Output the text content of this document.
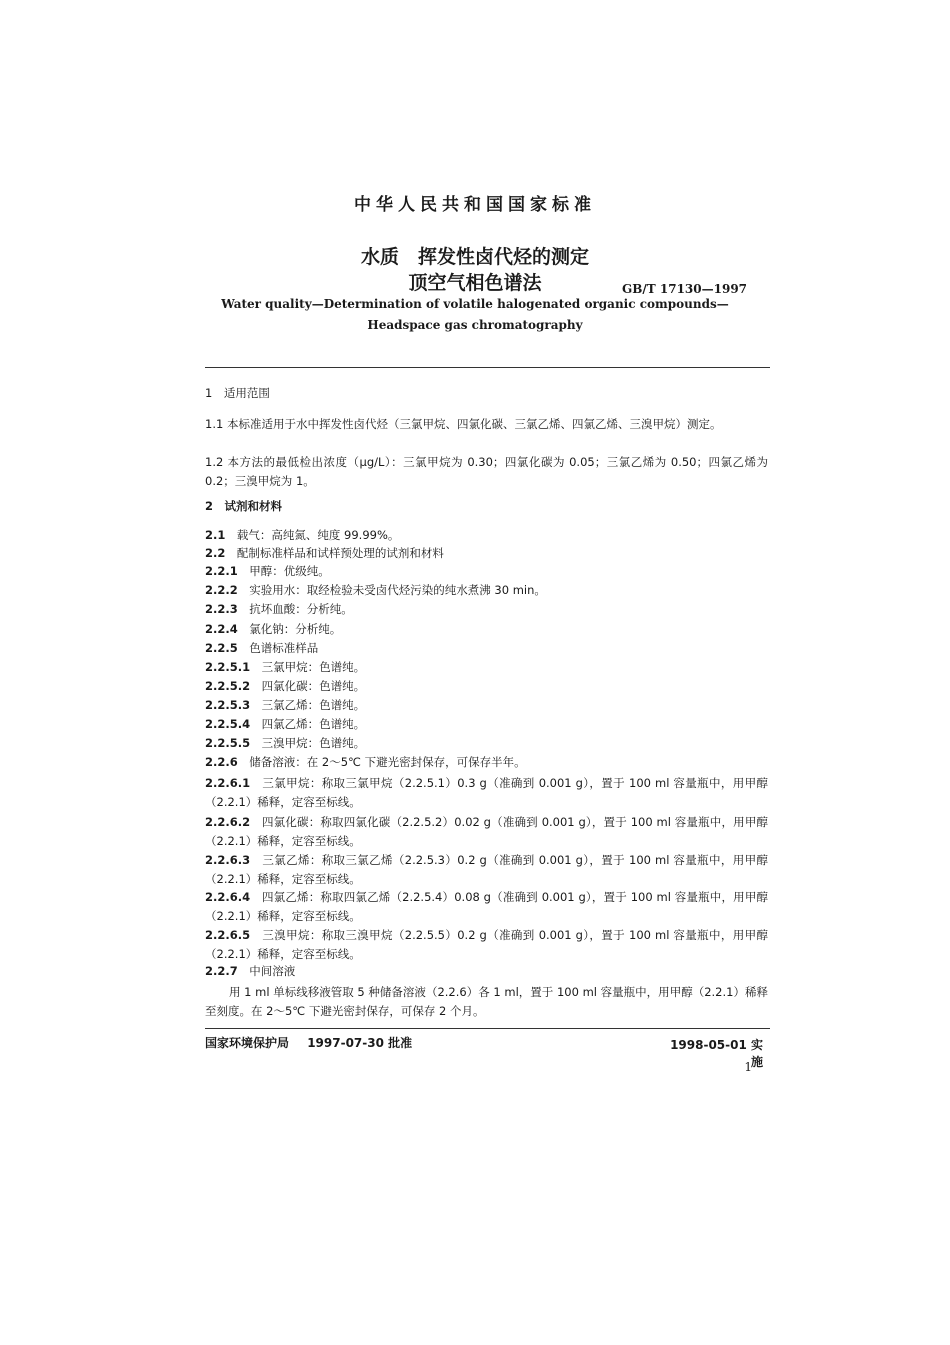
中华人民共和国国家标准
水质　挥发性卤代烃的测定
顶空气相色谱法	GB/T 17130—1997
Water quality—Determination of volatile halogenated organic compounds—
Headspace gas chromatography
1　适用范围
1.1 本标准适用于水中挥发性卤代烃（三氯甲烷、四氯化碳、三氯乙烯、四氯乙烯、三溴甲烷）测定。
1.2 本方法的最低检出浓度（μg/L）：三氯甲烷为 0.30；四氯化碳为 0.05；三氯乙烯为 0.50；四氯乙烯为 0.2；三溴甲烷为 1。
2　试剂和材料
2.1　 载气：高纯氮、纯度 99.99%。
2.2　 配制标准样品和试样预处理的试剂和材料
2.2.1　 甲醇：优级纯。
2.2.2　 实验用水：取经检验未受卤代烃污染的纯水煮沸 30 min。
2.2.3　 抗坏血酸：分析纯。
2.2.4　 氯化钠：分析纯。
2.2.5　 色谱标准样品
2.2.5.1　 三氯甲烷：色谱纯。
2.2.5.2　 四氯化碳：色谱纯。
2.2.5.3　 三氯乙烯：色谱纯。
2.2.5.4　 四氯乙烯：色谱纯。
2.2.5.5　 三溴甲烷：色谱纯。
2.2.6　 储备溶液：在 2～5℃ 下避光密封保存，可保存半年。
2.2.6.1　 三氯甲烷：称取三氯甲烷（2.2.5.1）0.3 g（准确到 0.001 g），置于 100 ml 容量瓶中，用甲醇（2.2.1）稀释，定容至标线。
2.2.6.2　 四氯化碳：称取四氯化碳（2.2.5.2）0.02 g（准确到 0.001 g），置于 100 ml 容量瓶中，用甲醇（2.2.1）稀释，定容至标线。
2.2.6.3　 三氯乙烯：称取三氯乙烯（2.2.5.3）0.2 g（准确到 0.001 g），置于 100 ml 容量瓶中，用甲醇（2.2.1）稀释，定容至标线。
2.2.6.4　 四氯乙烯：称取四氯乙烯（2.2.5.4）0.08 g（准确到 0.001 g），置于 100 ml 容量瓶中，用甲醇（2.2.1）稀释，定容至标线。
2.2.6.5　 三溴甲烷：称取三溴甲烷（2.2.5.5）0.2 g（准确到 0.001 g），置于 100 ml 容量瓶中，用甲醇（2.2.1）稀释，定容至标线。
2.2.7　 中间溶液
用 1 ml 单标线移液管取 5 种储备溶液（2.2.6）各 1 ml，置于 100 ml 容量瓶中，用甲醇（2.2.1）稀释至刻度。在 2～5℃ 下避光密封保存，可保存 2 个月。
国家环境保护局 1997-07-30 批准	1998-05-01 实施
1
